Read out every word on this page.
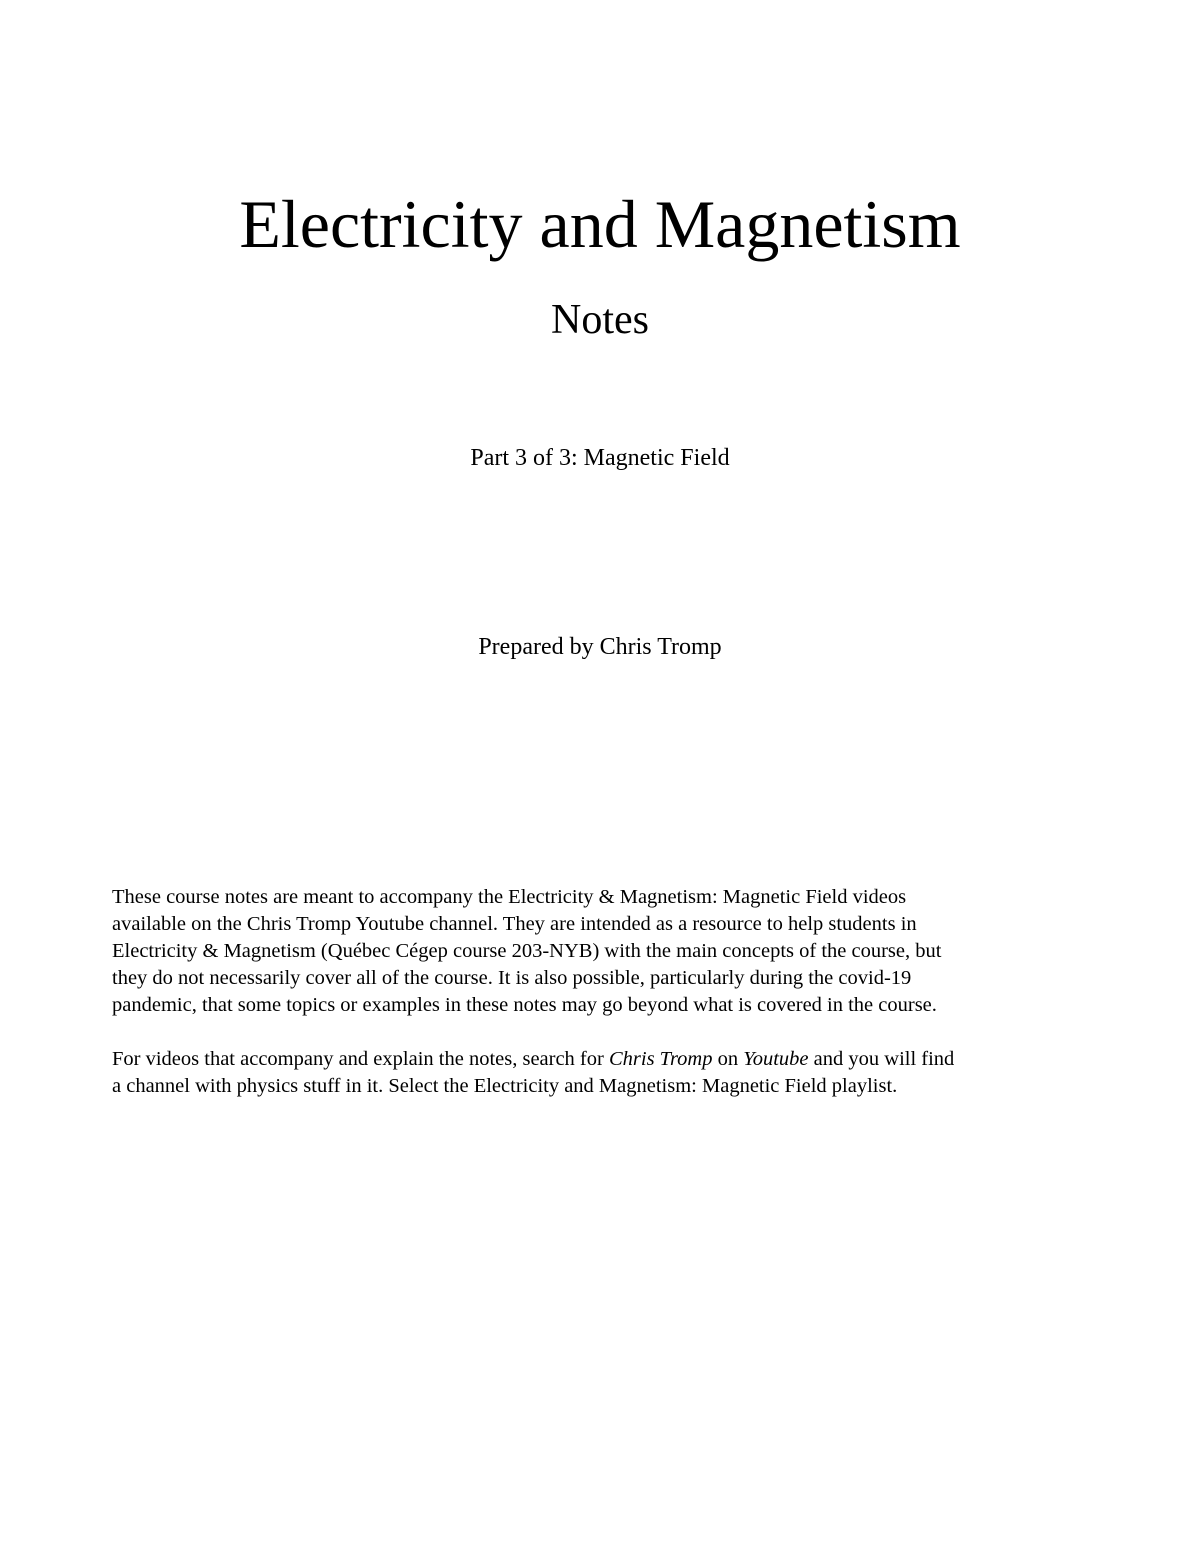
Electricity and Magnetism
Notes

Part 3 of 3: Magnetic Field

Prepared by Chris Tromp

These course notes are meant to accompany the Electricity & Magnetism: Magnetic Field videos
available on the Chris Tromp Youtube channel. They are intended as a resource to help students in
Electricity & Magnetism (Québec Cégep course 203-NYB) with the main concepts of the course, but
they do not necessarily cover all of the course. It is also possible, particularly during the covid-19
pandemic, that some topics or examples in these notes may go beyond what is covered in the course.

For videos that accompany and explain the notes, search for Chris Tromp on Youtube and you will find
a channel with physics stuff in it. Select the Electricity and Magnetism: Magnetic Field playlist.
